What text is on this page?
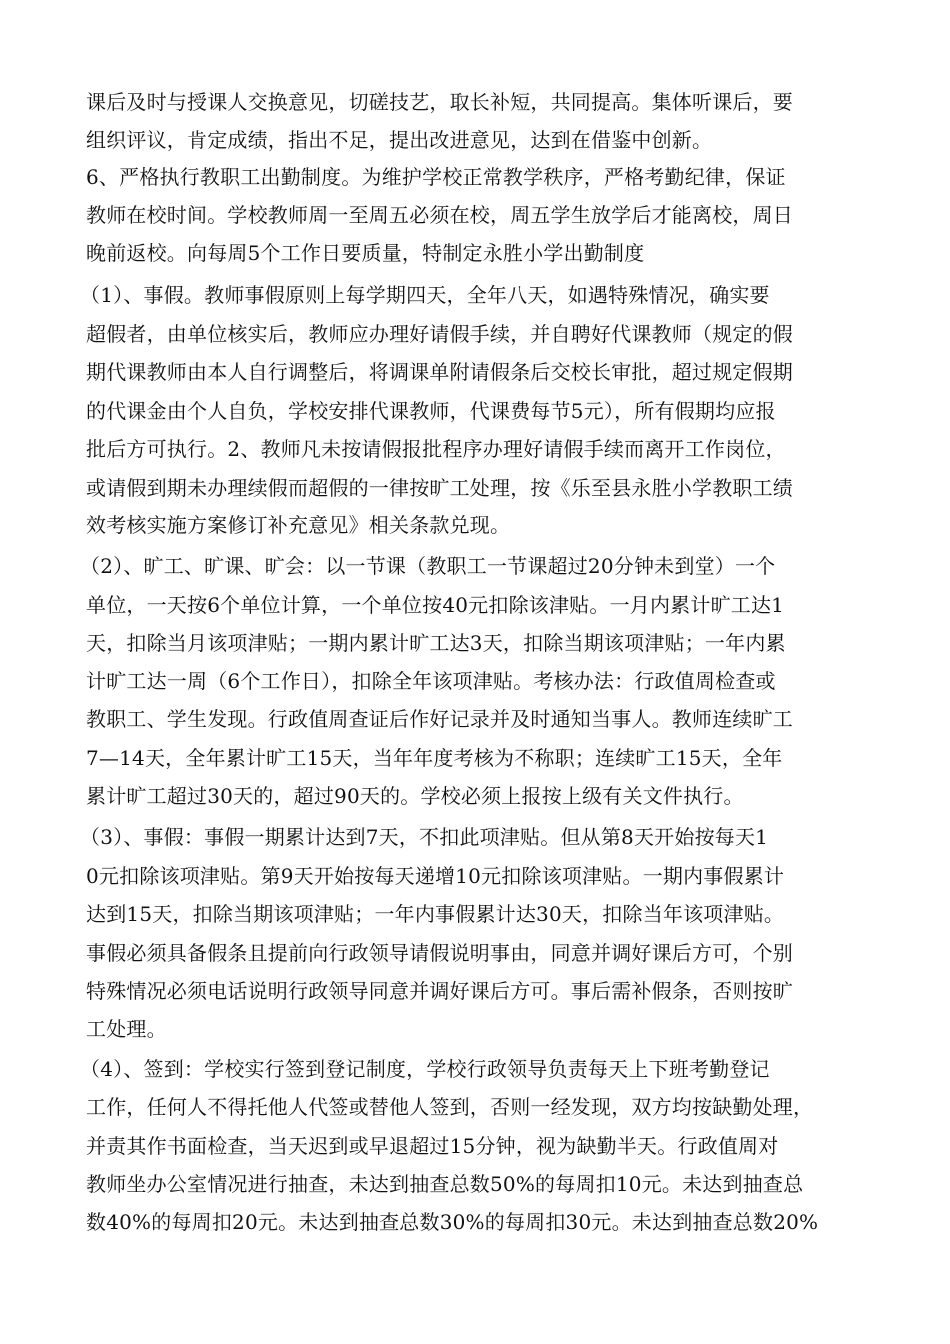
课后及时与授课人交换意见，切磋技艺，取长补短，共同提高。集体听课后，要
组织评议，肯定成绩，指出不足，提出改进意见，达到在借鉴中创新。
6、严格执行教职工出勤制度。为维护学校正常教学秩序，严格考勤纪律，保证
教师在校时间。学校教师周一至周五必须在校，周五学生放学后才能离校，周日
晚前返校。向每周5个工作日要质量，特制定永胜小学出勤制度
（1）、事假。教师事假原则上每学期四天，全年八天，如遇特殊情况，确实要
超假者，由单位核实后，教师应办理好请假手续，并自聘好代课教师（规定的假
期代课教师由本人自行调整后，将调课单附请假条后交校长审批，超过规定假期
的代课金由个人自负，学校安排代课教师，代课费每节5元），所有假期均应报
批后方可执行。2、教师凡未按请假报批程序办理好请假手续而离开工作岗位，
或请假到期未办理续假而超假的一律按旷工处理，按《乐至县永胜小学教职工绩
效考核实施方案修订补充意见》相关条款兑现。
（2）、旷工、旷课、旷会：以一节课（教职工一节课超过20分钟未到堂）一个
单位，一天按6个单位计算，一个单位按40元扣除该津贴。一月内累计旷工达1
天，扣除当月该项津贴；一期内累计旷工达3天，扣除当期该项津贴；一年内累
计旷工达一周（6个工作日），扣除全年该项津贴。考核办法：行政值周检查或
教职工、学生发现。行政值周查证后作好记录并及时通知当事人。教师连续旷工
7—14天，全年累计旷工15天，当年年度考核为不称职；连续旷工15天，全年
累计旷工超过30天的，超过90天的。学校必须上报按上级有关文件执行。
（3）、事假：事假一期累计达到7天，不扣此项津贴。但从第8天开始按每天1
0元扣除该项津贴。第9天开始按每天递增10元扣除该项津贴。一期内事假累计
达到15天，扣除当期该项津贴；一年内事假累计达30天，扣除当年该项津贴。
事假必须具备假条且提前向行政领导请假说明事由，同意并调好课后方可，个别
特殊情况必须电话说明行政领导同意并调好课后方可。事后需补假条，否则按旷
工处理。
（4）、签到：学校实行签到登记制度，学校行政领导负责每天上下班考勤登记
工作，任何人不得托他人代签或替他人签到，否则一经发现，双方均按缺勤处理，
并责其作书面检查，当天迟到或早退超过15分钟，视为缺勤半天。行政值周对
教师坐办公室情况进行抽查，未达到抽查总数50%的每周扣10元。未达到抽查总
数40%的每周扣20元。未达到抽查总数30%的每周扣30元。未达到抽查总数20%
